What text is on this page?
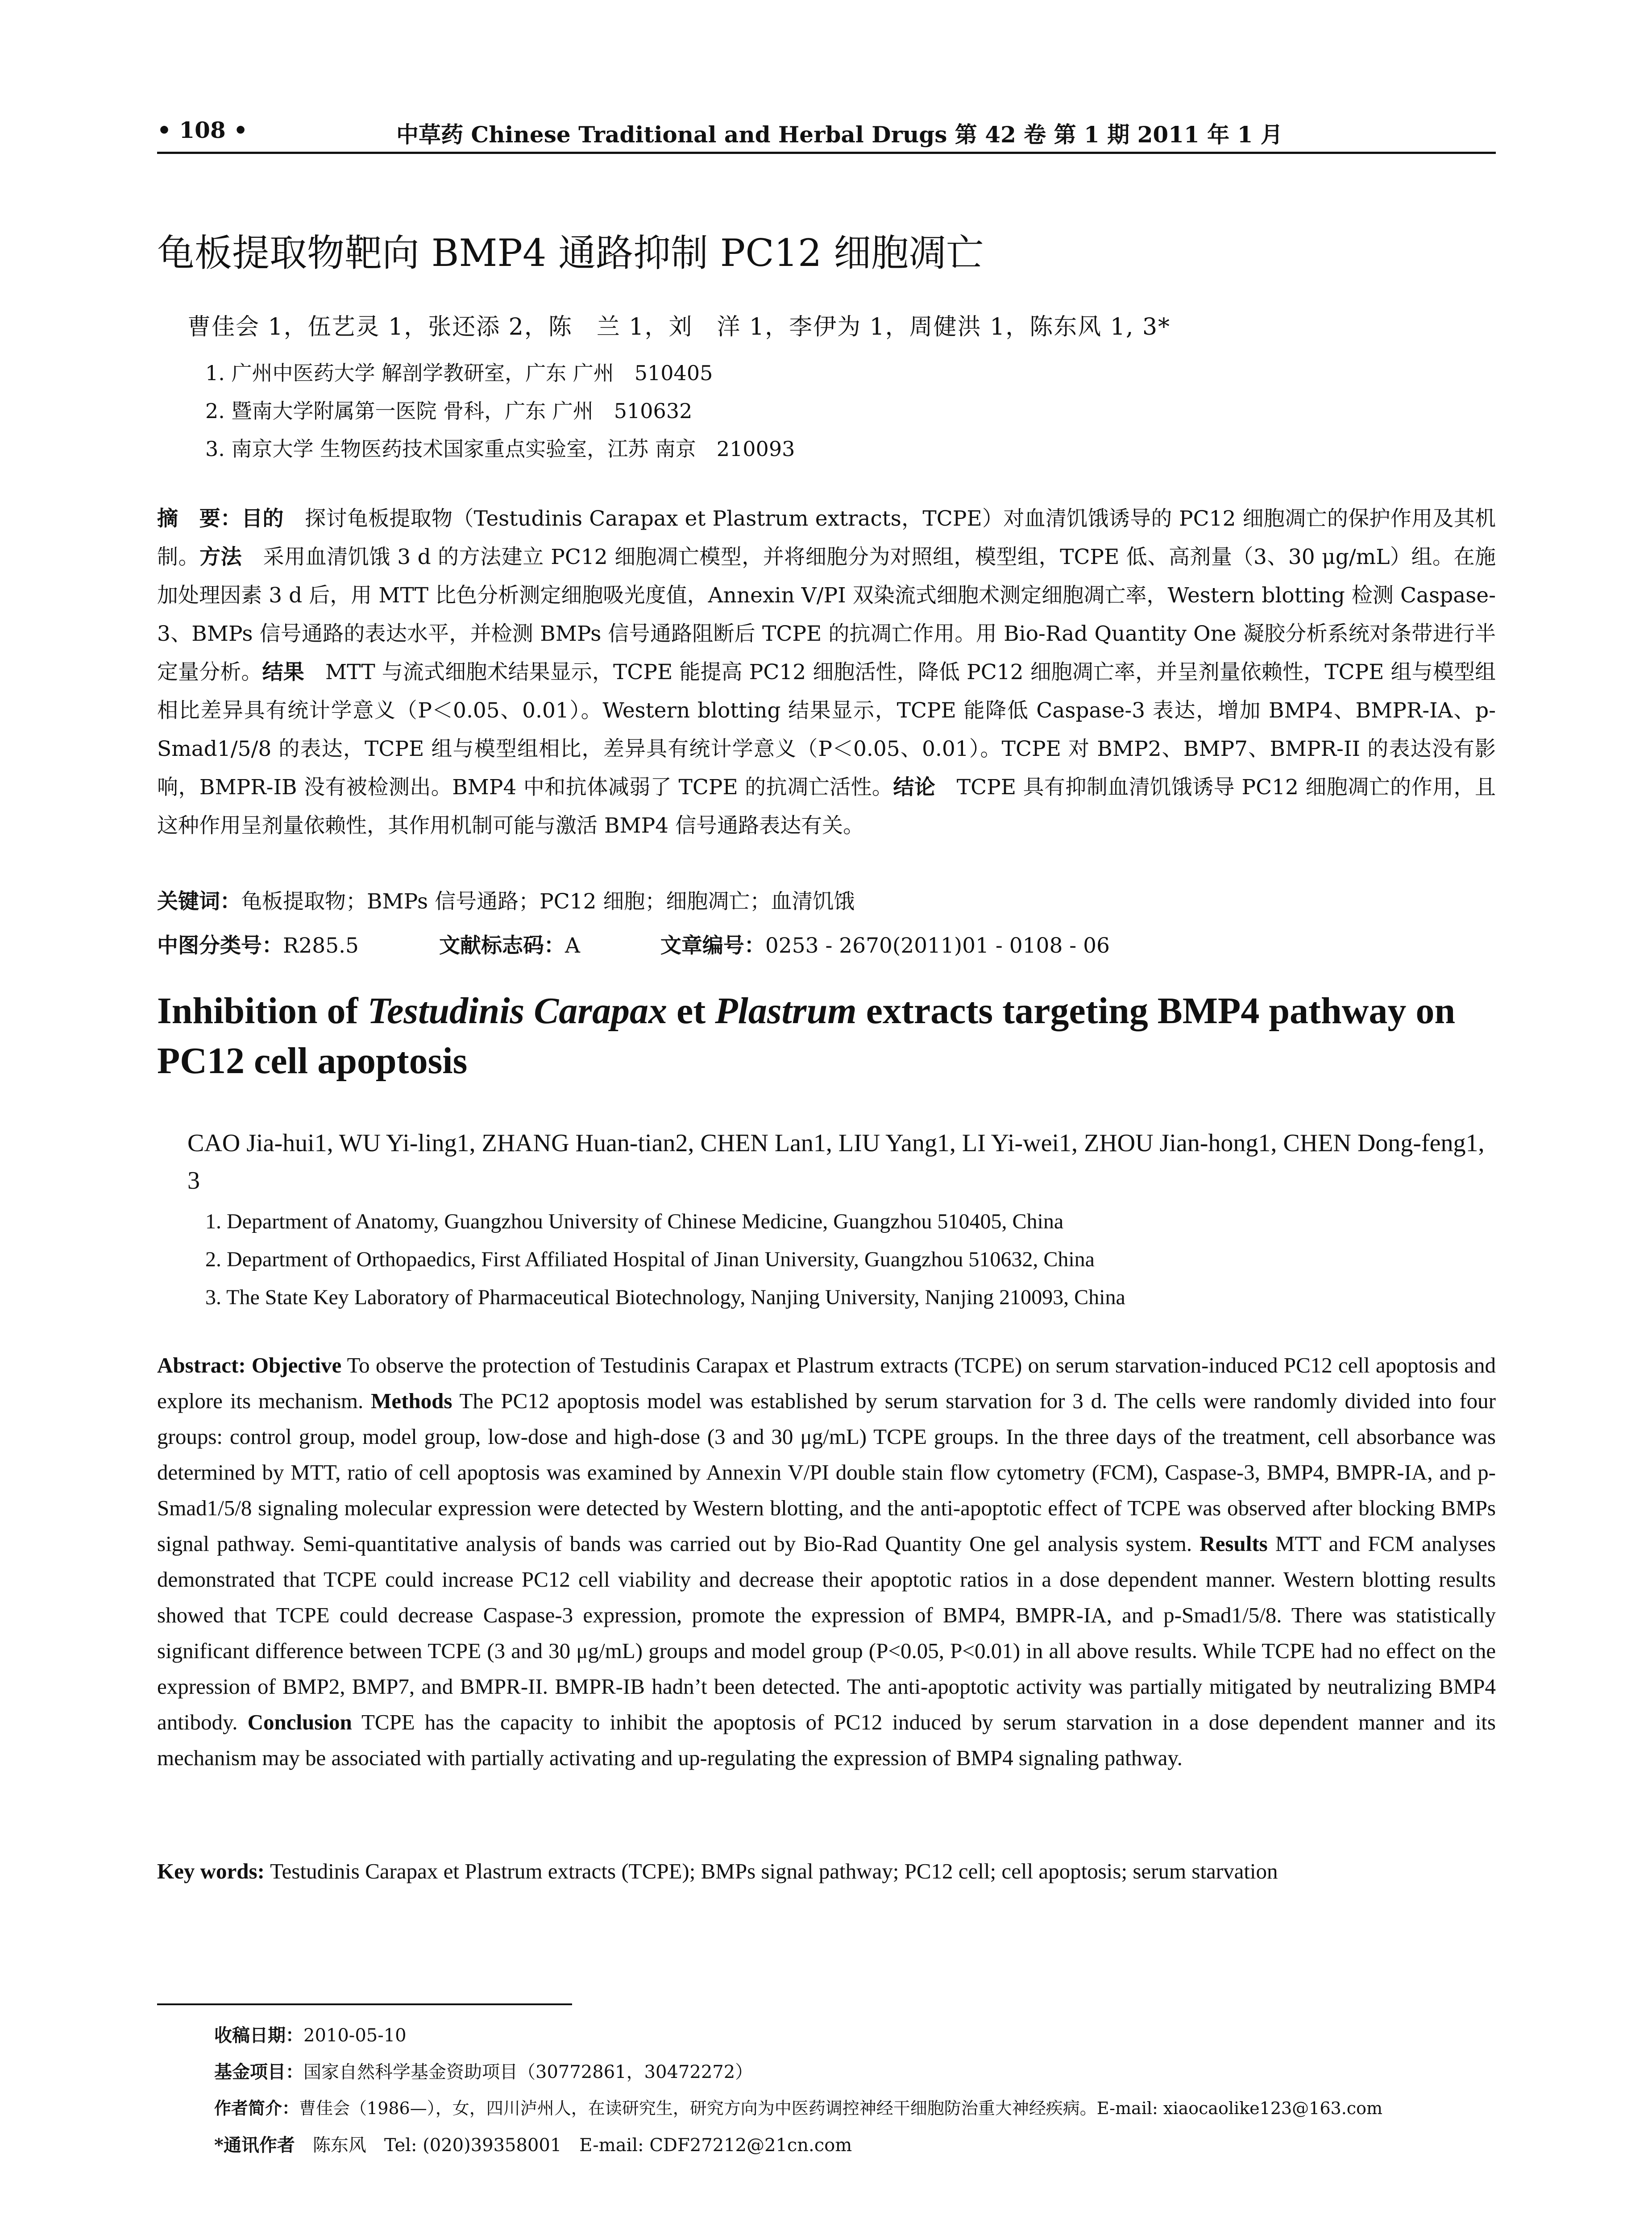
• 108 •	中草药 Chinese Traditional and Herbal Drugs 第 42 卷 第 1 期 2011 年 1 月
龟板提取物靶向 BMP4 通路抑制 PC12 细胞凋亡
曹佳会 1，伍艺灵 1，张还添 2，陈　兰 1，刘　洋 1，李伊为 1，周健洪 1，陈东风 1, 3*
1. 广州中医药大学 解剖学教研室，广东 广州　510405
2. 暨南大学附属第一医院 骨科，广东 广州　510632
3. 南京大学 生物医药技术国家重点实验室，江苏 南京　210093
摘　要：目的　探讨龟板提取物（Testudinis Carapax et Plastrum extracts，TCPE）对血清饥饿诱导的 PC12 细胞凋亡的保护作用及其机制。方法　采用血清饥饿 3 d 的方法建立 PC12 细胞凋亡模型，并将细胞分为对照组，模型组，TCPE 低、高剂量（3、30 μg/mL）组。在施加处理因素 3 d 后，用 MTT 比色分析测定细胞吸光度值，Annexin V/PI 双染流式细胞术测定细胞凋亡率，Western blotting 检测 Caspase-3、BMPs 信号通路的表达水平，并检测 BMPs 信号通路阻断后 TCPE 的抗凋亡作用。用 Bio-Rad Quantity One 凝胶分析系统对条带进行半定量分析。结果　MTT 与流式细胞术结果显示，TCPE 能提高 PC12 细胞活性，降低 PC12 细胞凋亡率，并呈剂量依赖性，TCPE 组与模型组相比差异具有统计学意义（P＜0.05、0.01）。Western blotting 结果显示，TCPE 能降低 Caspase-3 表达，增加 BMP4、BMPR-IA、p-Smad1/5/8 的表达，TCPE 组与模型组相比，差异具有统计学意义（P＜0.05、0.01）。TCPE 对 BMP2、BMP7、BMPR-II 的表达没有影响，BMPR-IB 没有被检测出。BMP4 中和抗体减弱了 TCPE 的抗凋亡活性。结论　TCPE 具有抑制血清饥饿诱导 PC12 细胞凋亡的作用，且这种作用呈剂量依赖性，其作用机制可能与激活 BMP4 信号通路表达有关。
关键词：龟板提取物；BMPs 信号通路；PC12 细胞；细胞凋亡；血清饥饿
中图分类号：R285.5	文献标志码：A	文章编号：0253 - 2670(2011)01 - 0108 - 06
Inhibition of Testudinis Carapax et Plastrum extracts targeting BMP4 pathway on PC12 cell apoptosis
CAO Jia-hui1, WU Yi-ling1, ZHANG Huan-tian2, CHEN Lan1, LIU Yang1, LI Yi-wei1, ZHOU Jian-hong1, CHEN Dong-feng1, 3
1. Department of Anatomy, Guangzhou University of Chinese Medicine, Guangzhou 510405, China
2. Department of Orthopaedics, First Affiliated Hospital of Jinan University, Guangzhou 510632, China
3. The State Key Laboratory of Pharmaceutical Biotechnology, Nanjing University, Nanjing 210093, China
Abstract: Objective To observe the protection of Testudinis Carapax et Plastrum extracts (TCPE) on serum starvation-induced PC12 cell apoptosis and explore its mechanism. Methods The PC12 apoptosis model was established by serum starvation for 3 d. The cells were randomly divided into four groups: control group, model group, low-dose and high-dose (3 and 30 μg/mL) TCPE groups. In the three days of the treatment, cell absorbance was determined by MTT, ratio of cell apoptosis was examined by Annexin V/PI double stain flow cytometry (FCM), Caspase-3, BMP4, BMPR-IA, and p-Smad1/5/8 signaling molecular expression were detected by Western blotting, and the anti-apoptotic effect of TCPE was observed after blocking BMPs signal pathway. Semi-quantitative analysis of bands was carried out by Bio-Rad Quantity One gel analysis system. Results MTT and FCM analyses demonstrated that TCPE could increase PC12 cell viability and decrease their apoptotic ratios in a dose dependent manner. Western blotting results showed that TCPE could decrease Caspase-3 expression, promote the expression of BMP4, BMPR-IA, and p-Smad1/5/8. There was statistically significant difference between TCPE (3 and 30 μg/mL) groups and model group (P<0.05, P<0.01) in all above results. While TCPE had no effect on the expression of BMP2, BMP7, and BMPR-II. BMPR-IB hadn’t been detected. The anti-apoptotic activity was partially mitigated by neutralizing BMP4 antibody. Conclusion TCPE has the capacity to inhibit the apoptosis of PC12 induced by serum starvation in a dose dependent manner and its mechanism may be associated with partially activating and up-regulating the expression of BMP4 signaling pathway.
Key words: Testudinis Carapax et Plastrum extracts (TCPE); BMPs signal pathway; PC12 cell; cell apoptosis; serum starvation
收稿日期：2010-05-10
基金项目：国家自然科学基金资助项目（30772861，30472272）
作者简介：曹佳会（1986—），女，四川泸州人，在读研究生，研究方向为中医药调控神经干细胞防治重大神经疾病。E-mail: xiaocaolike123@163.com
*通讯作者　陈东风　Tel: (020)39358001　E-mail: CDF27212@21cn.com
